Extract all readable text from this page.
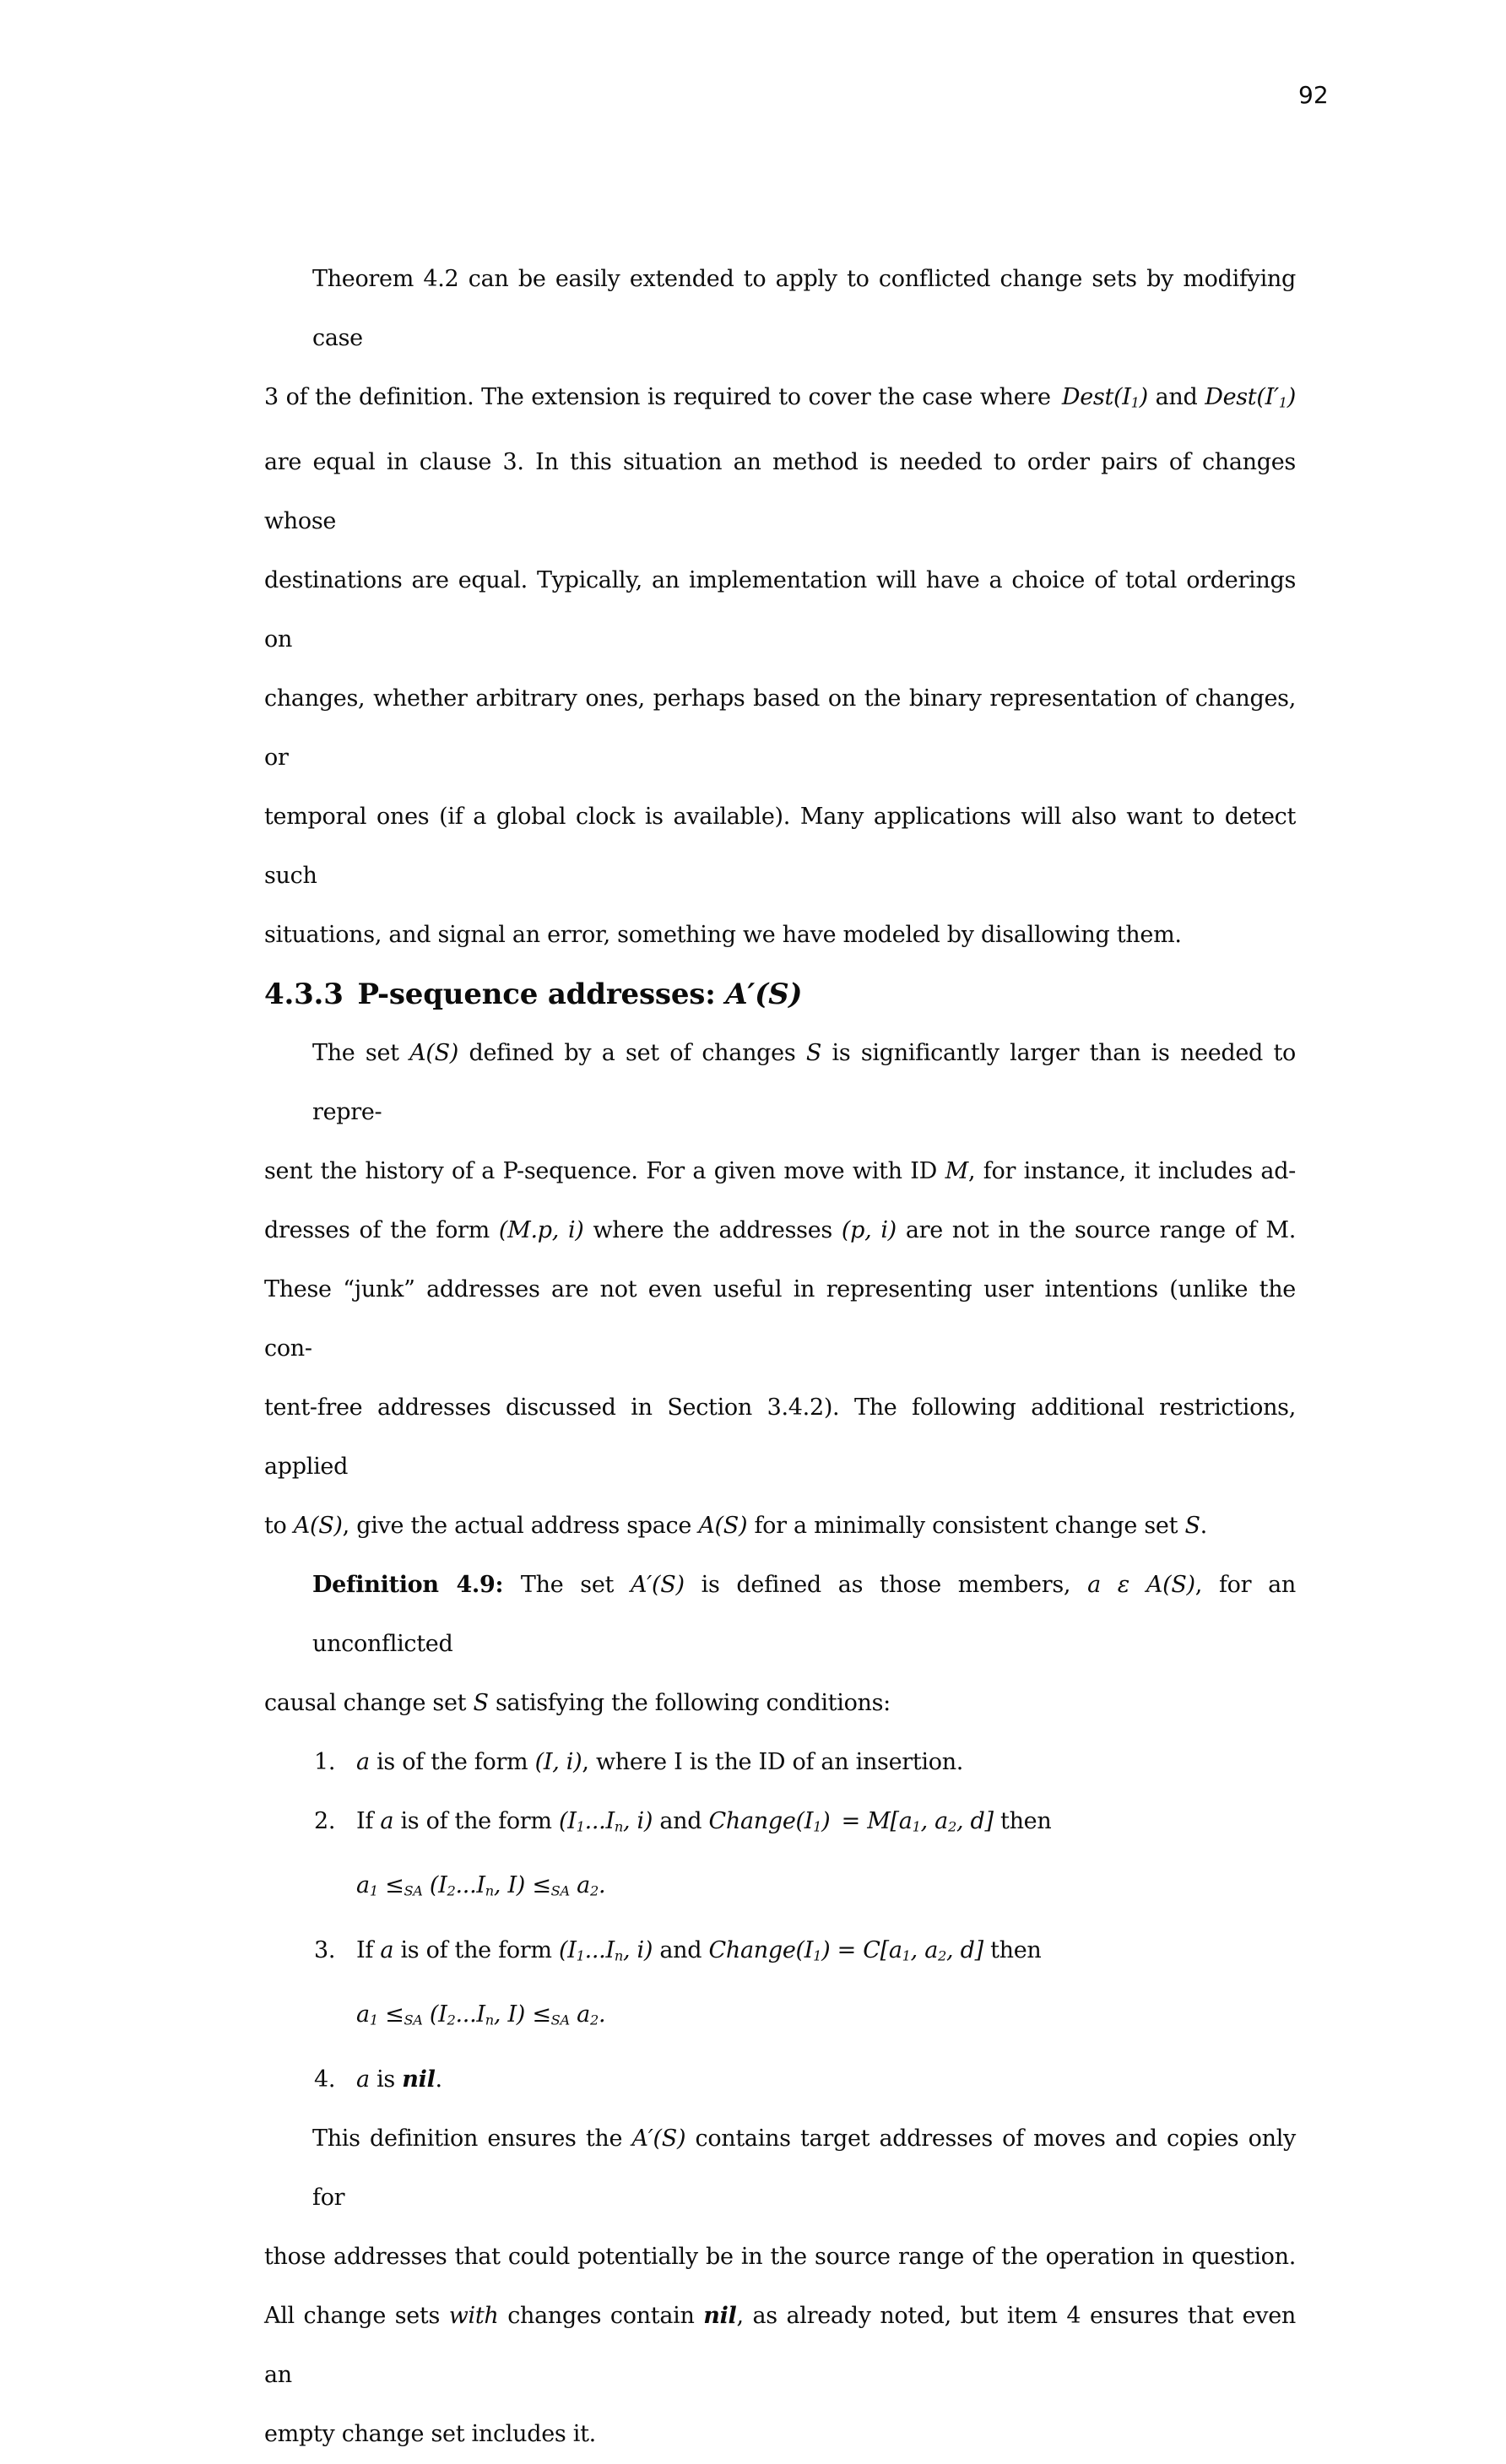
92
Theorem 4.2 can be easily extended to apply to conflicted change sets by modifying case
3 of the definition. The extension is required to cover the case where Dest(I1) and Dest(I′1)
are equal in clause 3. In this situation an method is needed to order pairs of changes whose
destinations are equal. Typically, an implementation will have a choice of total orderings on
changes, whether arbitrary ones, perhaps based on the binary representation of changes, or
temporal ones (if a global clock is available). Many applications will also want to detect such
situations, and signal an error, something we have modeled by disallowing them.
4.3.3 P-sequence addresses: A′(S)
The set A(S) defined by a set of changes S is significantly larger than is needed to repre-
sent the history of a P-sequence. For a given move with ID M, for instance, it includes ad-
dresses of the form (M.p, i) where the addresses (p, i) are not in the source range of M.
These “junk” addresses are not even useful in representing user intentions (unlike the con-
tent-free addresses discussed in Section 3.4.2). The following additional restrictions, applied
to A(S), give the actual address space A(S) for a minimally consistent change set S.
Definition 4.9: The set A′(S) is defined as those members, a ε A(S), for an unconflicted
causal change set S satisfying the following conditions:
1. a is of the form (I, i), where I is the ID of an insertion.
2. If a is of the form (I1...In, i) and Change(I1) = M[a1, a2, d] then
a1 ≤SA (I2...In, I) ≤SA a2.
3. If a is of the form (I1...In, i) and Change(I1) = C[a1, a2, d] then
a1 ≤SA (I2...In, I) ≤SA a2.
4. a is nil.
This definition ensures the A′(S) contains target addresses of moves and copies only for
those addresses that could potentially be in the source range of the operation in question.
All change sets with changes contain nil, as already noted, but item 4 ensures that even an
empty change set includes it.
